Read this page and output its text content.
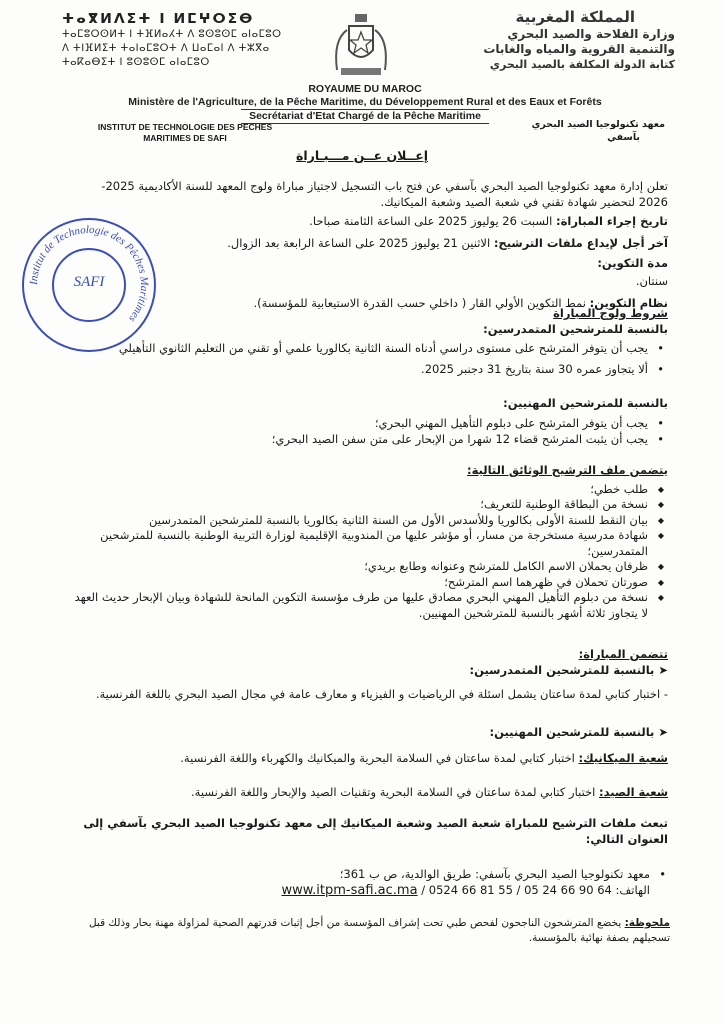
ⵜⴰⴳⵍⴷⵉⵜ ⵏ ⵍⵎⵖⵔⵉⴱ
ⵜⴰⵎⵓⵔⵙⵍⵜ ⵏ ⵜⴼⵍⴰⵃⵜ ⴷ ⵓⵙⵓⵙⵎ ⴰⵏⴰⵎⵓⵔ
ⴷ ⵜⵏⴼⵍⵉⵜ ⵜⴰⵏⴰⵎⵓⵔⵜ ⴷ ⵡⴰⵎⴰⵏ ⴷ ⵜⵣⴳⴰ
ⵜⴰⴽⴰⴱⵉⵜ ⵏ ⵓⵙⵓⵙⵎ ⴰⵏⴰⵎⵓⵔ
المملكة المغربية
وزارة الفلاحة والصيد البحري
والتنمية القروية والمياه والغابات
كتابة الدولة المكلفة بالصيد البحري
ROYAUME DU MAROC
Ministère de l'Agriculture, de la Pêche Maritime, du Développement Rural et des Eaux et Forêts
Secrétariat d'Etat Chargé de la Pêche Maritime
INSTITUT DE TECHNOLOGIE DES PECHES
MARITIMES DE SAFI
معهد تكنولوجيا الصيد البحري
بآسفي
Institut de Technologie des Pêches Maritimes
SAFI
إعــلان عــن مـــبـاراة
تعلن إدارة معهد تكنولوجيا الصيد البحري بآسفي عن فتح باب التسجيل لاجتياز مباراة ولوج المعهد للسنة الأكاديمية 2025-2026 لتحضير شهادة تقني في شعبة الصيد وشعبة الميكانيك.
تاريخ إجراء المباراة: السبت 26 يوليوز 2025 على الساعة الثامنة صباحا.
آخر أجل لإيداع ملفات الترشيح: الاثنين 21 يوليوز 2025 على الساعة الرابعة بعد الزوال.
مدة التكوين:
سنتان.
نظام التكوين: نمط التكوين الأولي القار ( داخلي حسب القدرة الاستيعابية للمؤسسة).
شروط ولوج المباراة
بالنسبة للمترشحين المتمدرسين:
• يجب أن يتوفر المترشح على مستوى دراسي أدناه السنة الثانية بكالوريا علمي أو تقني من التعليم الثانوي التأهيلي
• ألا يتجاوز عمره 30 سنة بتاريخ 31 دجنبر 2025.
بالنسبة للمترشحين المهنيين:
• يجب أن يتوفر المترشح على دبلوم التأهيل المهني البحري؛
• يجب أن يثبت المترشح قضاء 12 شهرا من الإبحار على متن سفن الصيد البحري؛
يتضمن ملف الترشيح الوثائق التالية:
◆ طلب خطي؛
◆ نسخة من البطاقة الوطنية للتعريف؛
◆ بيان النقط للسنة الأولى بكالوريا وللأسدس الأول من السنة الثانية بكالوريا بالنسبة للمترشحين المتمدرسين
◆ شهادة مدرسية مستخرجة من مسار، أو مؤشر عليها من المندوبية الإقليمية لوزارة التربية الوطنية بالنسبة للمترشحين المتمدرسين؛
◆ ظرفان يحملان الاسم الكامل للمترشح وعنوانه وطابع بريدي؛
◆ صورتان تحملان في ظهرهما اسم المترشح؛
◆ نسخة من دبلوم التأهيل المهني البحري مصادق عليها من طرف مؤسسة التكوين المانحة للشهادة وبيان الإبحار حديث العهد لا يتجاوز ثلاثة أشهر بالنسبة للمترشحين المهنيين.
تتضمن المباراة:
➤ بالنسبة للمترشحين المتمدرسين:
- اختبار كتابي لمدة ساعتان يشمل اسئلة في الرياضيات و الفيزياء و معارف عامة في مجال الصيد البحري باللغة الفرنسية.
➤ بالنسبة للمترشحين المهنيين:
شعبة الميكانيك: اختبار كتابي لمدة ساعتان في السلامة البحرية والميكانيك والكهرباء واللغة الفرنسية.
شعبة الصيد: اختبار كتابي لمدة ساعتان في السلامة البحرية وتقنيات الصيد والإبحار واللغة الفرنسية.
تبعث ملفات الترشيح للمباراة شعبة الصيد وشعبة الميكانيك إلى معهد تكنولوجيا الصيد البحري بآسفي إلى العنوان التالي:
• معهد تكنولوجيا الصيد البحري بآسفي: طريق الوالدية، ص ب 361؛
الهاتف: 0524 66 81 55 / 05 24 66 90 64 / www.itpm-safi.ac.ma
ملحوظة: يخضع المترشحون الناجحون لفحص طبي تحت إشراف المؤسسة من أجل إثبات قدرتهم الصحية لمزاولة مهنة بحار وذلك قبل تسجيلهم بصفة نهائية بالمؤسسة.
